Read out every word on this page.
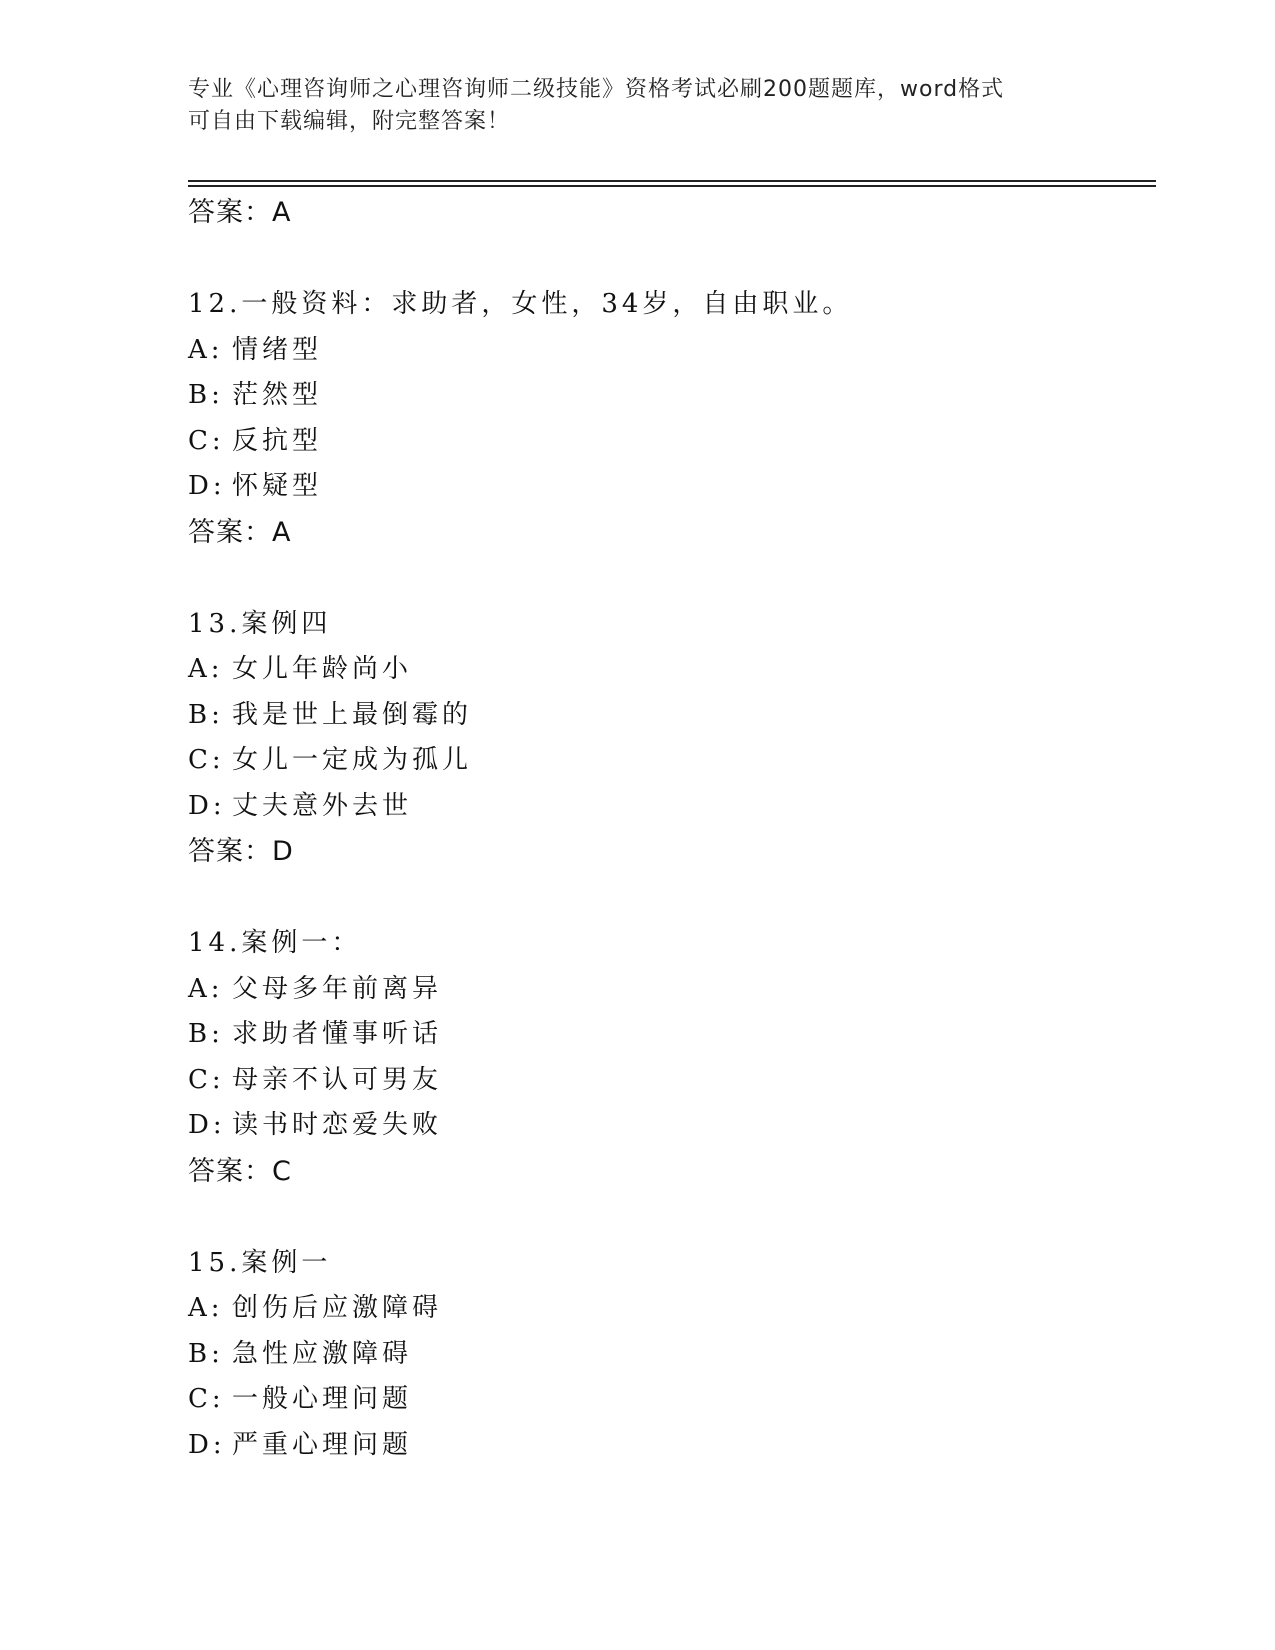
专业《心理咨询师之心理咨询师二级技能》资格考试必刷200题题库，word格式
可自由下载编辑，附完整答案！
答案：A
12.一般资料：求助者，女性，34岁，自由职业。
A: 情绪型
B: 茫然型
C: 反抗型
D: 怀疑型
答案：A
13.案例四
A: 女儿年龄尚小
B: 我是世上最倒霉的
C: 女儿一定成为孤儿
D: 丈夫意外去世
答案：D
14.案例一：
A: 父母多年前离异
B: 求助者懂事听话
C: 母亲不认可男友
D: 读书时恋爱失败
答案：C
15.案例一
A: 创伤后应激障碍
B: 急性应激障碍
C: 一般心理问题
D: 严重心理问题
